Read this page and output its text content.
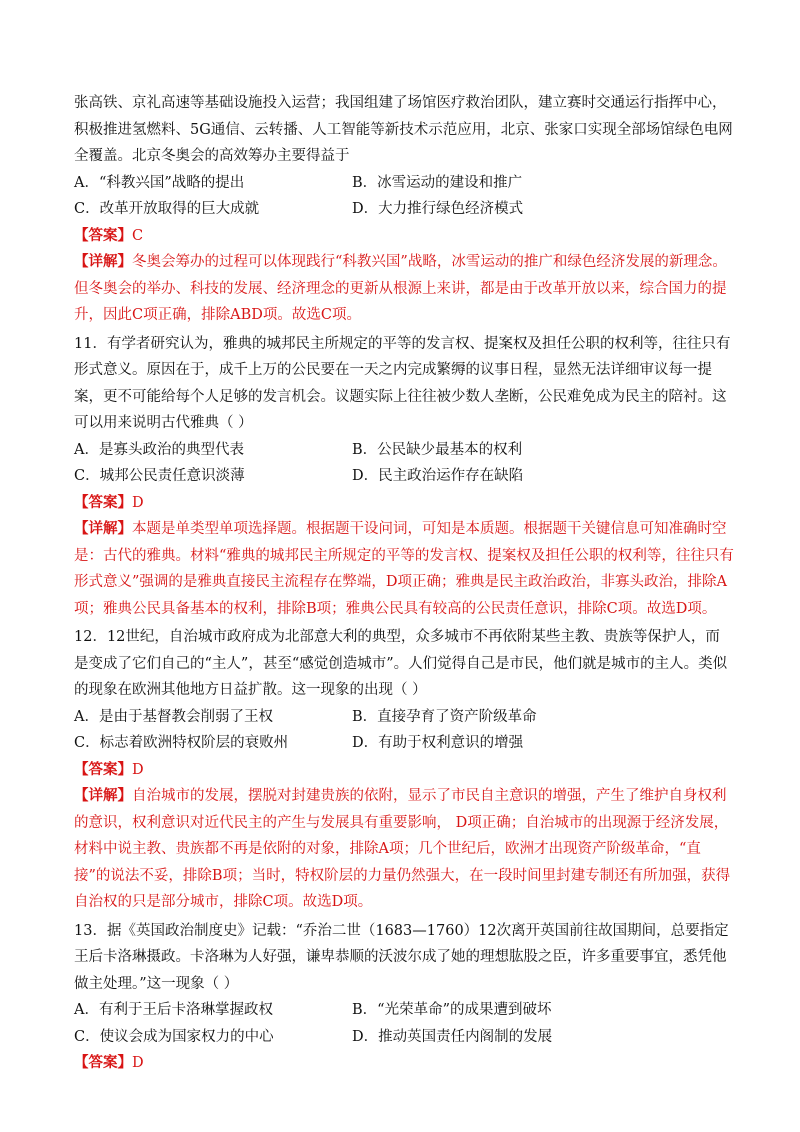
张高铁、京礼高速等基础设施投入运营；我国组建了场馆医疗救治团队，建立赛时交通运行指挥中心，积极推进氢燃料、5G通信、云转播、人工智能等新技术示范应用，北京、张家口实现全部场馆绿色电网全覆盖。北京冬奥会的高效筹办主要得益于

A．“科教兴国”战略的提出	B．冰雪运动的建设和推广
C．改革开放取得的巨大成就	D．大力推行绿色经济模式

【答案】C

【详解】冬奥会筹办的过程可以体现践行“科教兴国”战略，冰雪运动的推广和绿色经济发展的新理念。但冬奥会的举办、科技的发展、经济理念的更新从根源上来讲，都是由于改革开放以来，综合国力的提升，因此C项正确，排除ABD项。故选C项。

11．有学者研究认为，雅典的城邦民主所规定的平等的发言权、提案权及担任公职的权利等，往往只有形式意义。原因在于，成千上万的公民要在一天之内完成繁缛的议事日程，显然无法详细审议每一提案，更不可能给每个人足够的发言机会。议题实际上往往被少数人垄断，公民难免成为民主的陪衬。这可以用来说明古代雅典（ ）

A．是寡头政治的典型代表	B．公民缺少最基本的权利
C．城邦公民责任意识淡薄	D．民主政治运作存在缺陷

【答案】D

【详解】本题是单类型单项选择题。根据题干设问词，可知是本质题。根据题干关键信息可知准确时空是：古代的雅典。材料“雅典的城邦民主所规定的平等的发言权、提案权及担任公职的权利等，往往只有形式意义”强调的是雅典直接民主流程存在弊端，D项正确；雅典是民主政治政治，非寡头政治，排除A项；雅典公民具备基本的权利，排除B项；雅典公民具有较高的公民责任意识，排除C项。故选D项。

12．12世纪，自治城市政府成为北部意大利的典型，众多城市不再依附某些主教、贵族等保护人，而是变成了它们自己的“主人”，甚至“感觉创造城市”。人们觉得自己是市民，他们就是城市的主人。类似的现象在欧洲其他地方日益扩散。这一现象的出现（ ）

A．是由于基督教会削弱了王权	B．直接孕育了资产阶级革命
C．标志着欧洲特权阶层的衰败州	D．有助于权利意识的增强

【答案】D

【详解】自治城市的发展，摆脱对封建贵族的依附，显示了市民自主意识的增强，产生了维护自身权利的意识，权利意识对近代民主的产生与发展具有重要影响， D项正确；自治城市的出现源于经济发展，材料中说主教、贵族都不再是依附的对象，排除A项；几个世纪后，欧洲才出现资产阶级革命，“直接”的说法不妥，排除B项；当时，特权阶层的力量仍然强大，在一段时间里封建专制还有所加强，获得自治权的只是部分城市，排除C项。故选D项。

13．据《英国政治制度史》记载：“乔治二世（1683—1760）12次离开英国前往故国期间，总要指定王后卡洛琳摄政。卡洛琳为人好强，谦卑恭顺的沃波尔成了她的理想肱股之臣，许多重要事宜，悉凭他做主处理。”这一现象（ ）

A．有利于王后卡洛琳掌握政权	B．“光荣革命”的成果遭到破坏
C．使议会成为国家权力的中心	D．推动英国责任内阁制的发展

【答案】D
